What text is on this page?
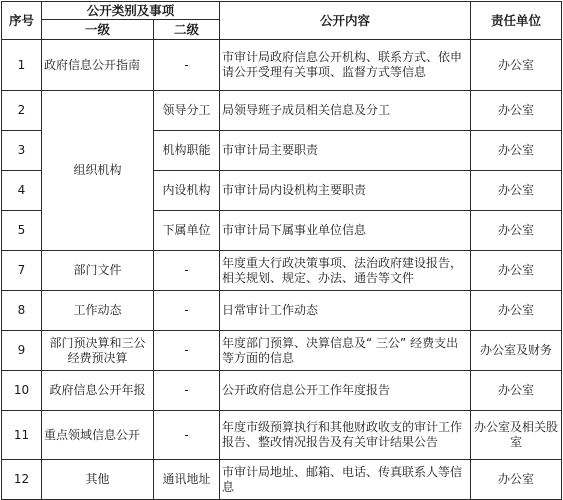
序号	公开类别及事项		公开内容	责任单位
	一级	二级		
1	政府信息公开指南	-	市审计局政府信息公开机构、联系方式、依申请公开受理有关事项、监督方式等信息	办公室
2	组织机构	领导分工	局领导班子成员相关信息及分工	办公室
3		机构职能	市审计局主要职责	办公室
4		内设机构	市审计局内设机构主要职责	办公室
5		下属单位	市审计局下属事业单位信息	办公室
7	部门文件	-	年度重大行政决策事项、法治政府建设报告，相关规划、规定、办法、通告等文件	办公室
8	工作动态	-	日常审计工作动态	办公室
9	部门预决算和三公经费预决算	-	年度部门预算、决算信息及“ 三公” 经费支出等方面的信息	办公室及财务
10	政府信息公开年报	-	公开政府信息公开工作年度报告	办公室
11	重点领域信息公开	-	年度市级预算执行和其他财政收支的审计工作报告、整改情况报告及有关审计结果公告	办公室及相关股室
12	其他	通讯地址	市审计局地址、邮箱、电话、传真联系人等信息	办公室
